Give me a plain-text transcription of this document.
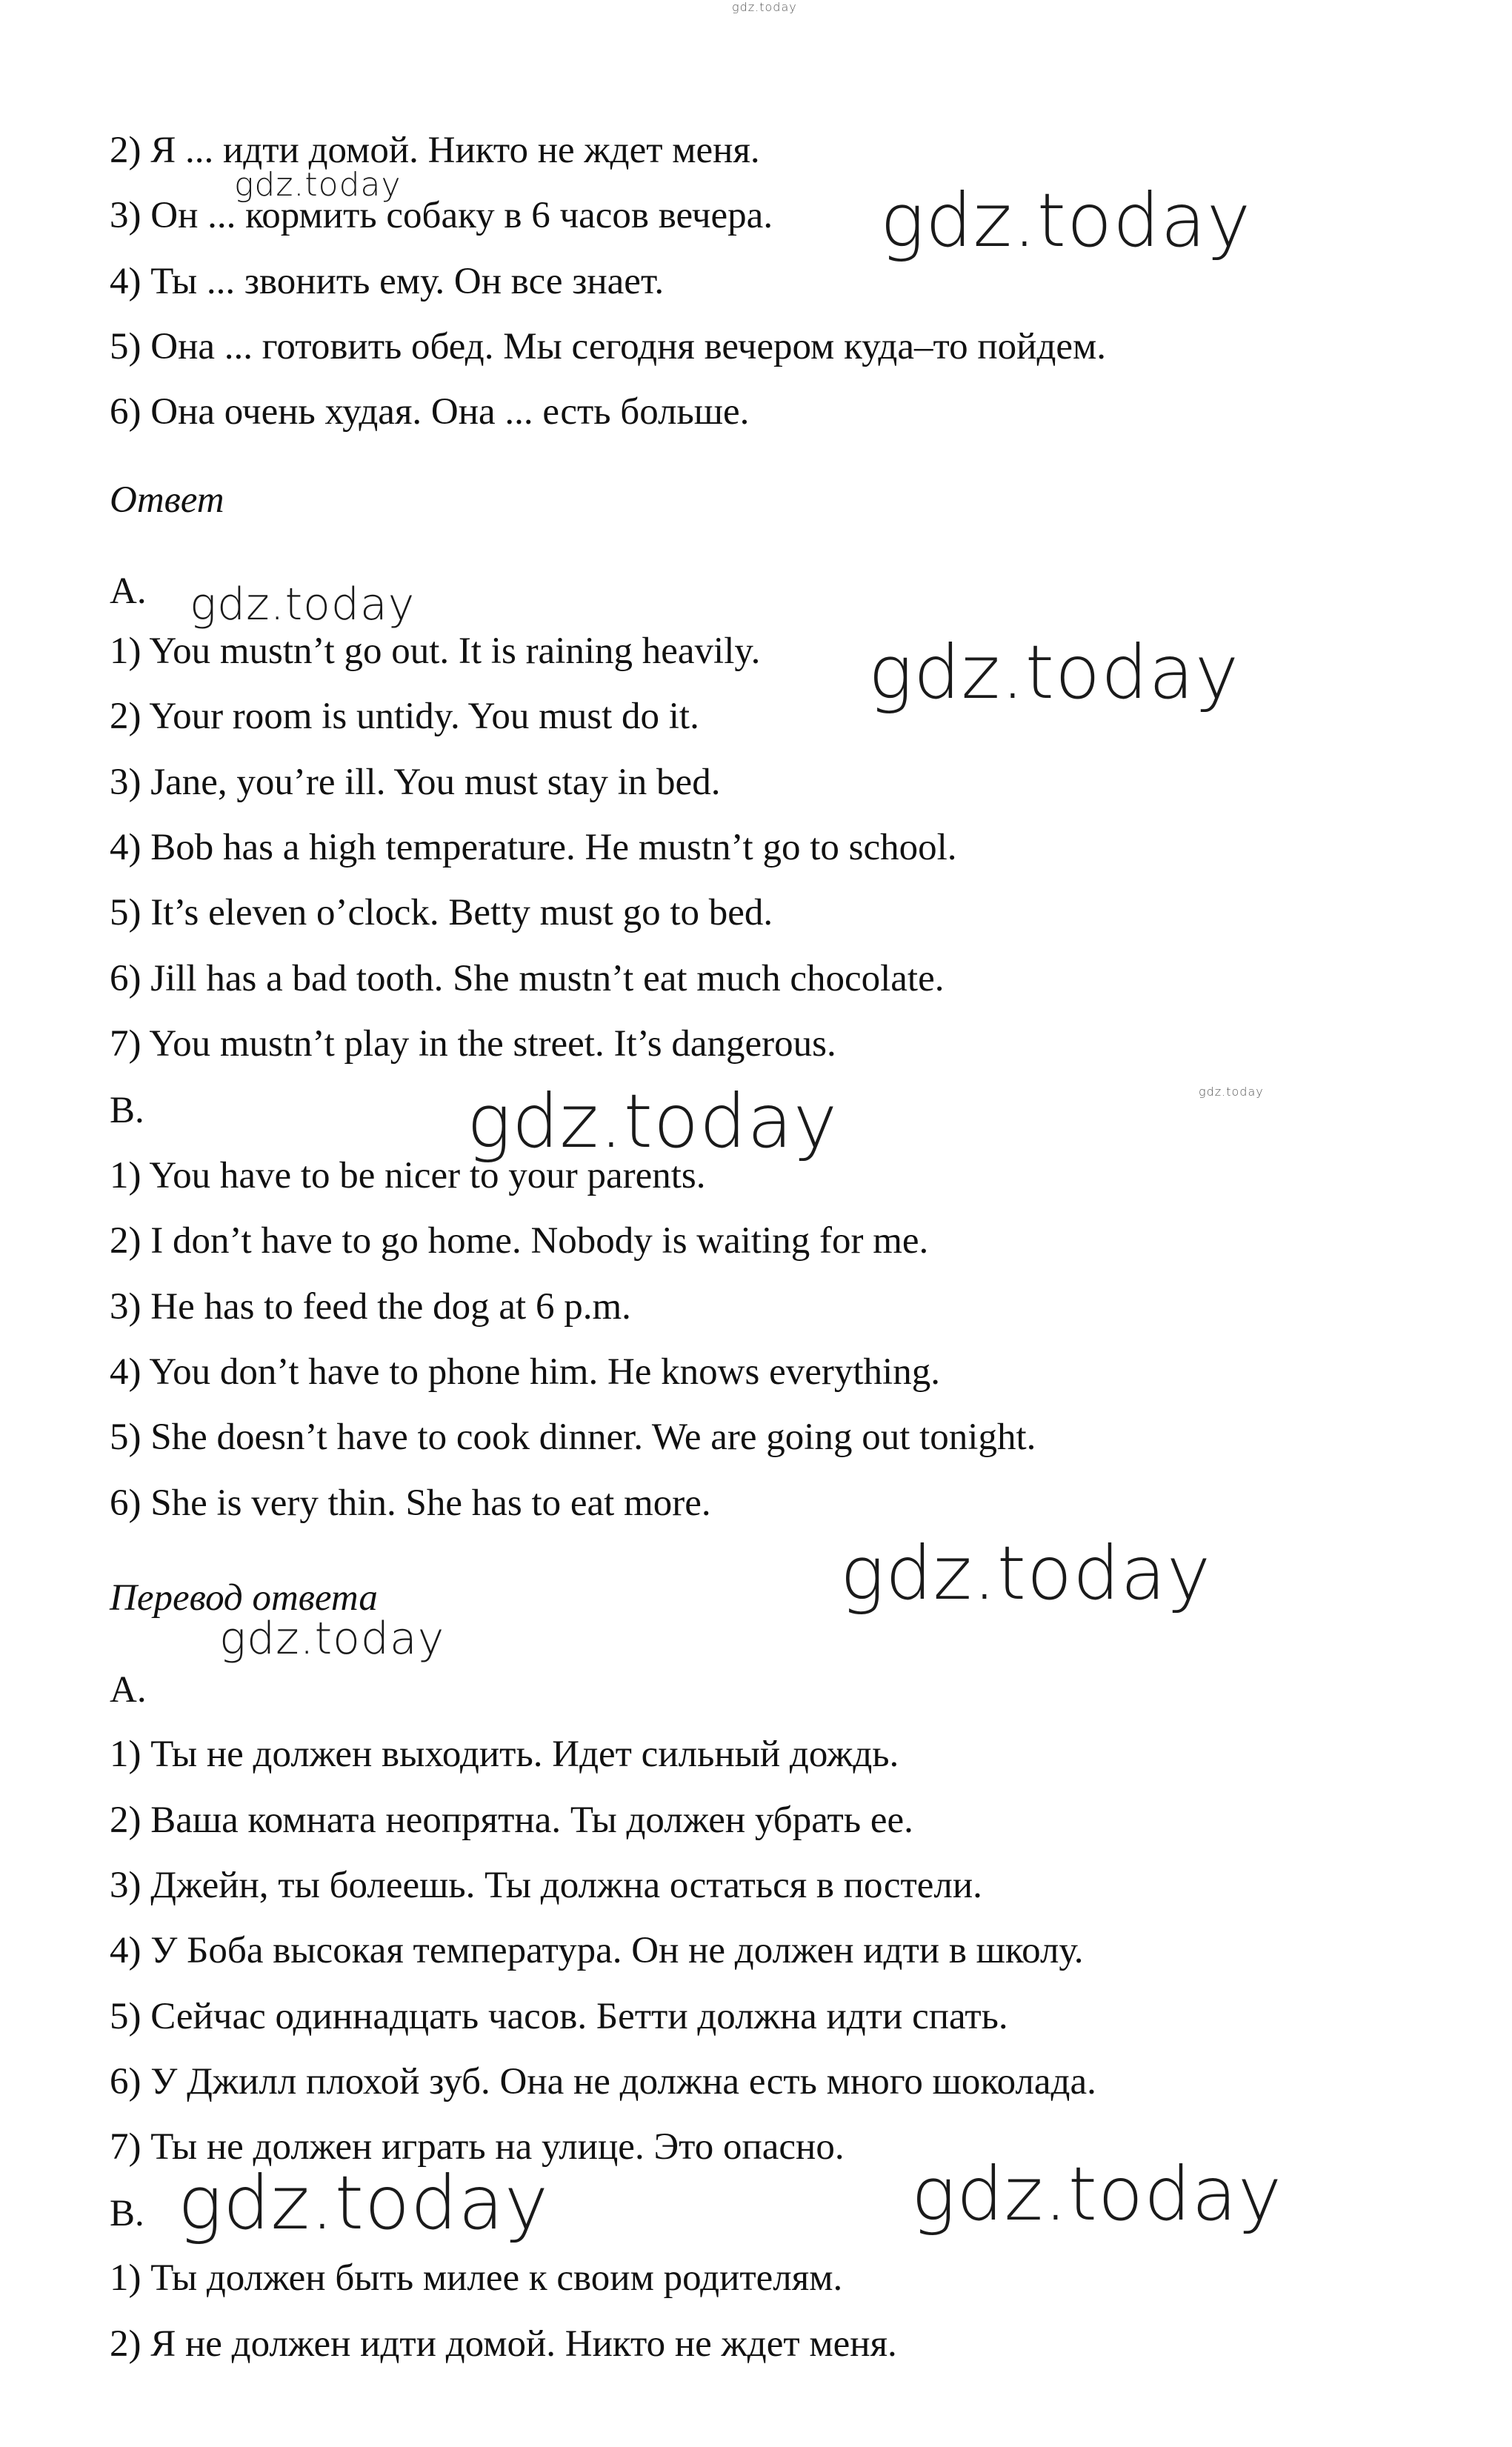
2) Я ... идти домой. Никто не ждет меня.
3) Он ... кормить собаку в 6 часов вечера.
4) Ты ... звонить ему. Он все знает.
5) Она ... готовить обед. Мы сегодня вечером куда–то пойдем.
6) Она очень худая. Она ... есть больше.
Ответ
A.
1) You mustn’t go out. It is raining heavily.
2) Your room is untidy. You must do it.
3) Jane, you’re ill. You must stay in bed.
4) Bob has a high temperature. He mustn’t go to school.
5) It’s eleven o’clock. Betty must go to bed.
6) Jill has a bad tooth. She mustn’t eat much chocolate.
7) You mustn’t play in the street. It’s dangerous.
B.
1) You have to be nicer to your parents.
2) I don’t have to go home. Nobody is waiting for me.
3) He has to feed the dog at 6 p.m.
4) You don’t have to phone him. He knows everything.
5) She doesn’t have to cook dinner. We are going out tonight.
6) She is very thin. She has to eat more.
Перевод ответа
A.
1) Ты не должен выходить. Идет сильный дождь.
2) Ваша комната неопрятна. Ты должен убрать ее.
3) Джейн, ты болеешь. Ты должна остаться в постели.
4) У Боба высокая температура. Он не должен идти в школу.
5) Сейчас одиннадцать часов. Бетти должна идти спать.
6) У Джилл плохой зуб. Она не должна есть много шоколада.
7) Ты не должен играть на улице. Это опасно.
B.
1) Ты должен быть милее к своим родителям.
2) Я не должен идти домой. Никто не ждет меня.
gdz.today
gdz.today	gdz.today
gdz.today
gdz.today
gdz.today
gdz.today
gdz.today
gdz.today
gdz.today	gdz.today
